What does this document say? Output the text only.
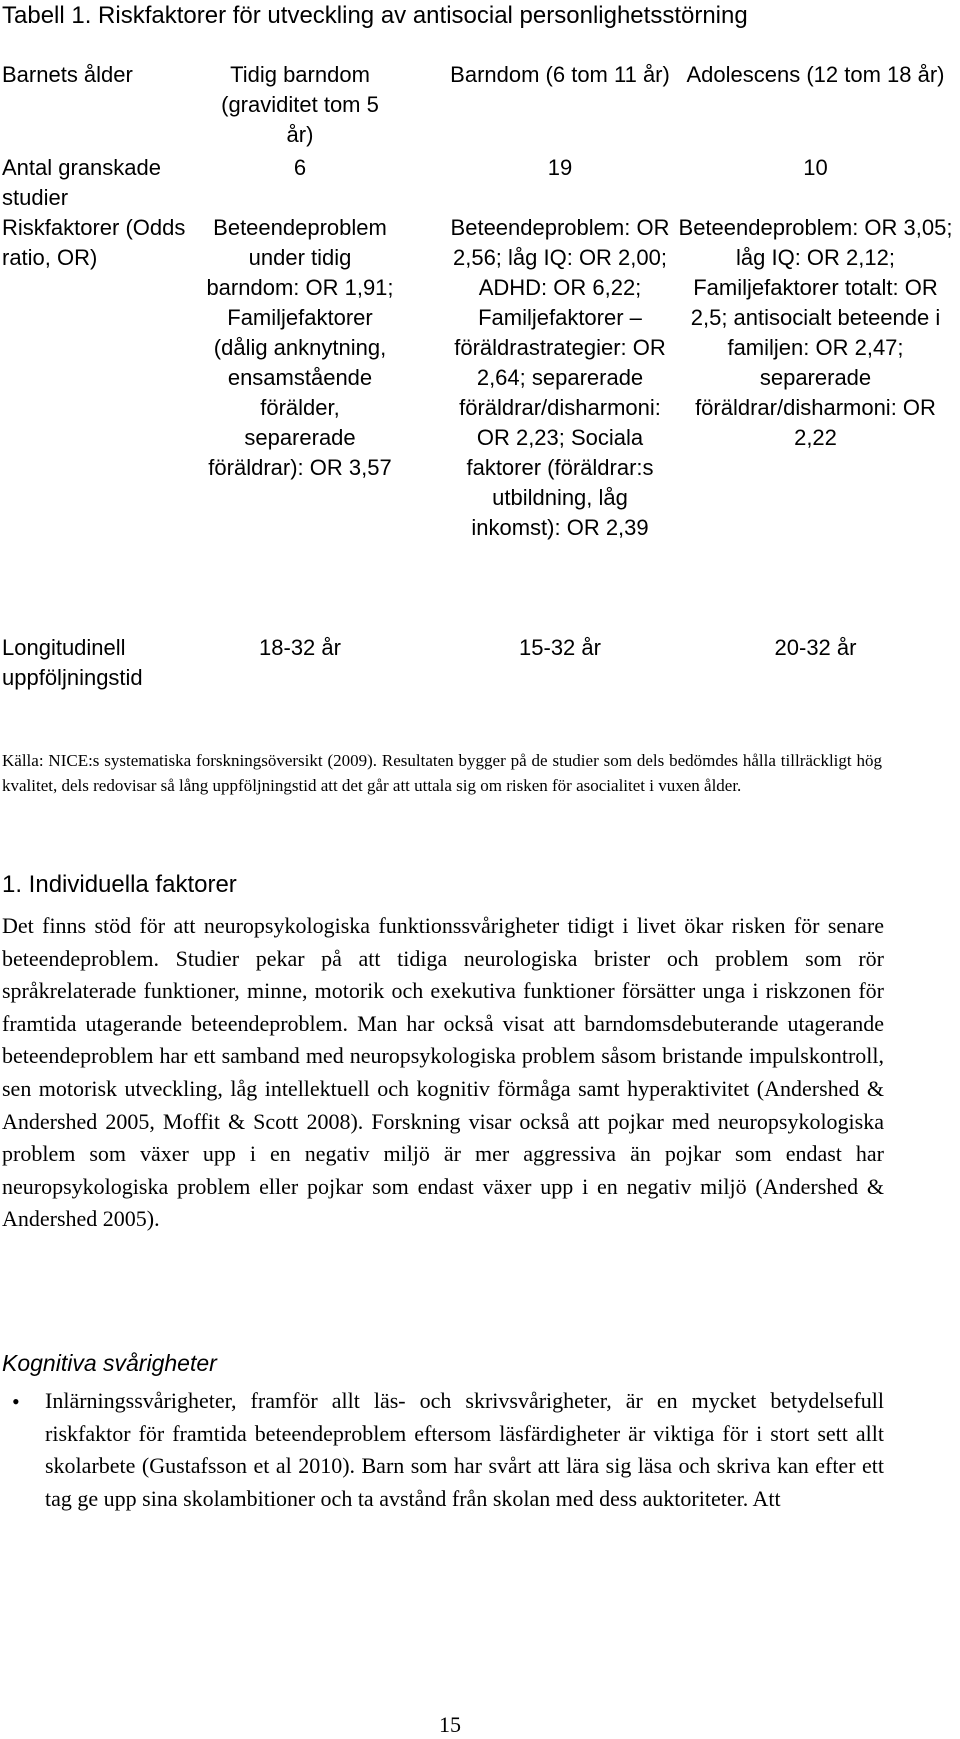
Tabell 1. Riskfaktorer för utveckling av antisocial personlighetsstörning
Barnets ålder	Tidig barndom (graviditet tom 5 år)		Barndom (6 tom 11 år)	Adolescens (12 tom 18 år)
Antal granskade studier	6		19	10
Riskfaktorer (Odds ratio, OR)	Beteendeproblem under tidig barndom: OR 1,91; Familjefaktorer (dålig anknytning, ensamstående förälder, separerade föräldrar): OR 3,57		Beteendeproblem: OR 2,56; låg IQ: OR 2,00; ADHD: OR 6,22; Familjefaktorer – föräldrastrategier: OR 2,64; separerade föräldrar/disharmoni: OR 2,23; Sociala faktorer (föräldrar:s utbildning, låg inkomst): OR 2,39	Beteendeproblem: OR 3,05; låg IQ: OR 2,12; Familjefaktorer totalt: OR 2,5; antisocialt beteende i familjen: OR 2,47; separerade föräldrar/disharmoni: OR 2,22
Longitudinell uppföljningstid	18-32 år		15-32 år	20-32 år
Källa: NICE:s systematiska forskningsöversikt (2009). Resultaten bygger på de studier som dels bedömdes hålla tillräckligt hög kvalitet, dels redovisar så lång uppföljningstid att det går att uttala sig om risken för asocialitet i vuxen ålder.
1. Individuella faktorer
Det finns stöd för att neuropsykologiska funktionssvårigheter tidigt i livet ökar risken för senare beteendeproblem. Studier pekar på att tidiga neurologiska brister och problem som rör språkrelaterade funktioner, minne, motorik och exekutiva funktioner försätter unga i riskzonen för framtida utagerande beteendeproblem. Man har också visat att barndomsdebuterande utagerande beteendeproblem har ett samband med neuropsykologiska problem såsom bristande impulskontroll, sen motorisk utveckling, låg intellektuell och kognitiv förmåga samt hyperaktivitet (Andershed & Andershed 2005, Moffit & Scott 2008). Forskning visar också att pojkar med neuropsykologiska problem som växer upp i en negativ miljö är mer aggressiva än pojkar som endast har neuropsykologiska problem eller pojkar som endast växer upp i en negativ miljö (Andershed & Andershed 2005).
Kognitiva svårigheter
• Inlärningssvårigheter, framför allt läs- och skrivsvårigheter, är en mycket betydelsefull riskfaktor för framtida beteendeproblem eftersom läsfärdigheter är viktiga för i stort sett allt skolarbete (Gustafsson et al 2010). Barn som har svårt att lära sig läsa och skriva kan efter ett tag ge upp sina skolambitioner och ta avstånd från skolan med dess auktoriteter. Att
15
